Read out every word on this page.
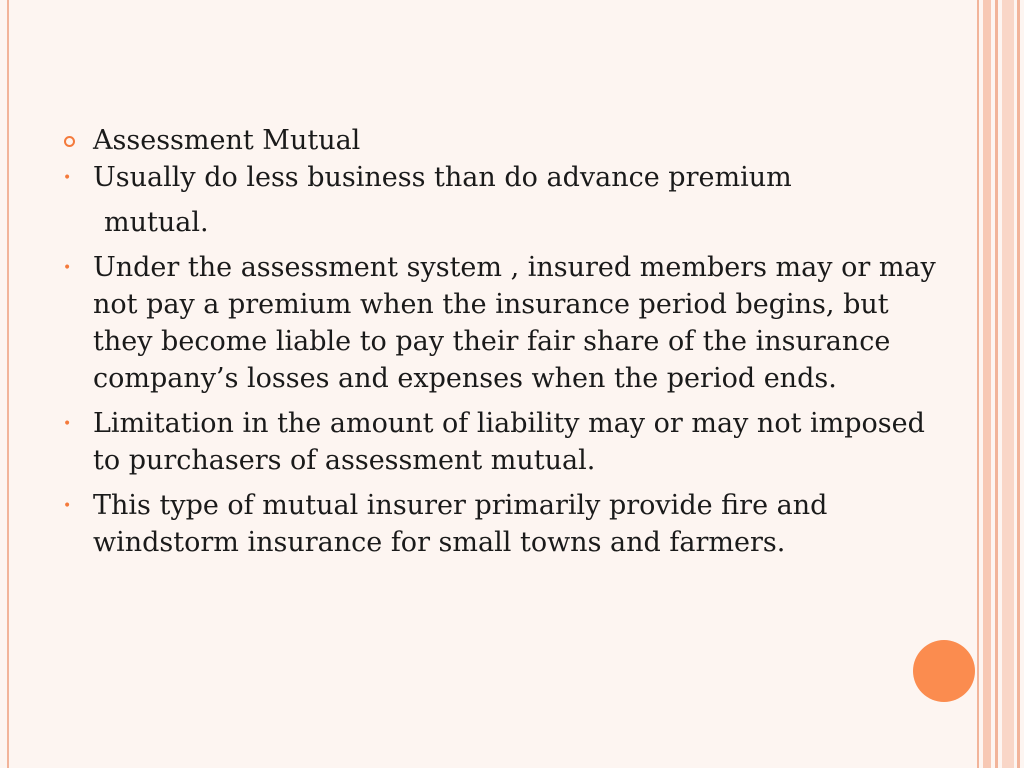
Assessment Mutual

• Usually do less business than do advance premium

mutual.

• Under the assessment system , insured members may or may not pay a premium when the insurance period begins, but they become liable to pay their fair share of the insurance company’s losses and expenses when the period ends.

• Limitation in the amount of liability may or may not imposed to purchasers of assessment mutual.

• This type of mutual insurer primarily provide fire and windstorm insurance for small towns and farmers.
